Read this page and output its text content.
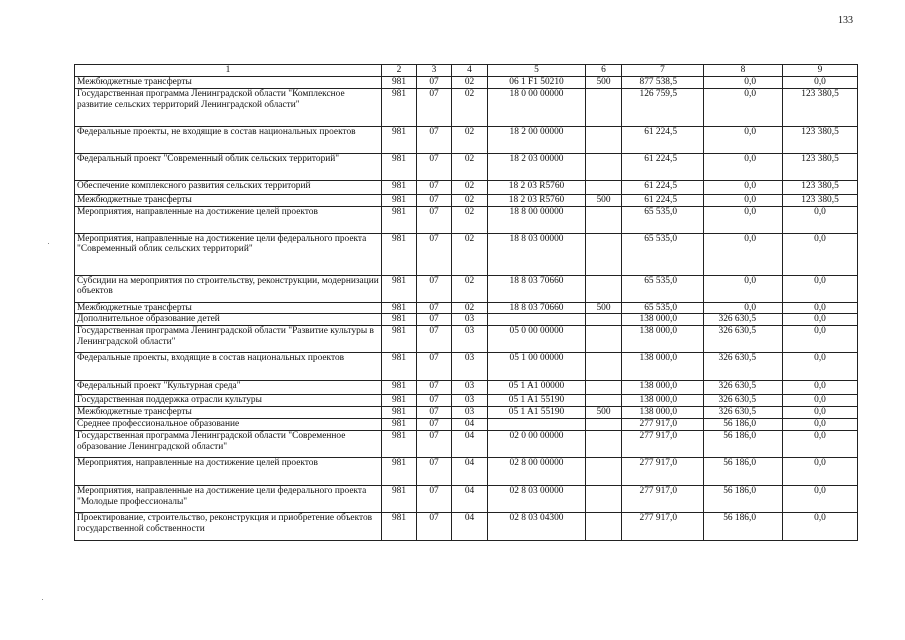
133
1	2	3	4	5	6	7	8	9
Межбюджетные трансферты	981	07	02	06 1 F1 50210	500	877 538,5	0,0	0,0
Государственная программа Ленинградской области "Комплексное развитие сельских территорий Ленинградской области"	981	07	02	18 0 00 00000		126 759,5	0,0	123 380,5
Федеральные проекты, не входящие в состав национальных проектов	981	07	02	18 2 00 00000		61 224,5	0,0	123 380,5
Федеральный проект "Современный облик сельских территорий"	981	07	02	18 2 03 00000		61 224,5	0,0	123 380,5
Обеспечение комплексного развития сельских территорий	981	07	02	18 2 03 R5760		61 224,5	0,0	123 380,5
Межбюджетные трансферты	981	07	02	18 2 03 R5760	500	61 224,5	0,0	123 380,5
Мероприятия, направленные на достижение целей проектов	981	07	02	18 8 00 00000		65 535,0	0,0	0,0
Мероприятия, направленные на достижение цели федерального проекта "Современный облик сельских территорий"	981	07	02	18 8 03 00000		65 535,0	0,0	0,0
Субсидии на мероприятия по строительству, реконструкции, модернизации объектов	981	07	02	18 8 03 70660		65 535,0	0,0	0,0
Межбюджетные трансферты	981	07	02	18 8 03 70660	500	65 535,0	0,0	0,0
Дополнительное образование детей	981	07	03			138 000,0	326 630,5	0,0
Государственная программа Ленинградской области "Развитие культуры в Ленинградской области"	981	07	03	05 0 00 00000		138 000,0	326 630,5	0,0
Федеральные проекты, входящие в состав национальных проектов	981	07	03	05 1 00 00000		138 000,0	326 630,5	0,0
Федеральный проект "Культурная среда"	981	07	03	05 1 A1 00000		138 000,0	326 630,5	0,0
Государственная поддержка отрасли культуры	981	07	03	05 1 A1 55190		138 000,0	326 630,5	0,0
Межбюджетные трансферты	981	07	03	05 1 A1 55190	500	138 000,0	326 630,5	0,0
Среднее профессиональное образование	981	07	04			277 917,0	56 186,0	0,0
Государственная программа Ленинградской области "Современное образование Ленинградской области"	981	07	04	02 0 00 00000		277 917,0	56 186,0	0,0
Мероприятия, направленные на достижение целей проектов	981	07	04	02 8 00 00000		277 917,0	56 186,0	0,0
Мероприятия, направленные на достижение цели федерального проекта "Молодые профессионалы"	981	07	04	02 8 03 00000		277 917,0	56 186,0	0,0
Проектирование, строительство, реконструкция и приобретение объектов государственной собственности	981	07	04	02 8 03 04300		277 917,0	56 186,0	0,0
